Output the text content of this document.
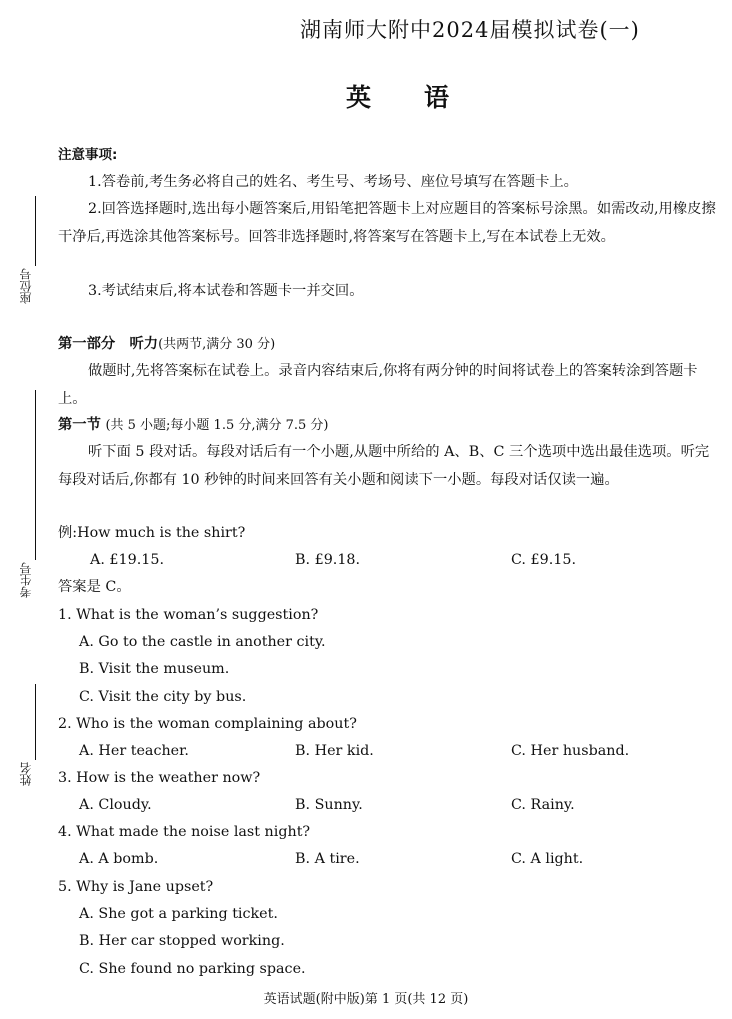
座位号
考生号
姓名
湖南师大附中2024届模拟试卷(一)
英　语
注意事项:
1.答卷前,考生务必将自己的姓名、考生号、考场号、座位号填写在答题卡上。
2.回答选择题时,选出每小题答案后,用铅笔把答题卡上对应题目的答案标号涂黑。如需改动,用橡皮擦干净后,再选涂其他答案标号。回答非选择题时,将答案写在答题卡上,写在本试卷上无效。
3.考试结束后,将本试卷和答题卡一并交回。
第一部分　听力(共两节,满分 30 分)
做题时,先将答案标在试卷上。录音内容结束后,你将有两分钟的时间将试卷上的答案转涂到答题卡上。
第一节 (共 5 小题;每小题 1.5 分,满分 7.5 分)
听下面 5 段对话。每段对话后有一个小题,从题中所给的 A、B、C 三个选项中选出最佳选项。听完每段对话后,你都有 10 秒钟的时间来回答有关小题和阅读下一小题。每段对话仅读一遍。
例:How much is the shirt?
A. £19.15.	B. £9.18.	C. £9.15.
答案是 C。
1. What is the woman’s suggestion?
A. Go to the castle in another city.
B. Visit the museum.
C. Visit the city by bus.
2. Who is the woman complaining about?
A. Her teacher.	B. Her kid.	C. Her husband.
3. How is the weather now?
A. Cloudy.	B. Sunny.	C. Rainy.
4. What made the noise last night?
A. A bomb.	B. A tire.	C. A light.
5. Why is Jane upset?
A. She got a parking ticket.
B. Her car stopped working.
C. She found no parking space.
英语试题(附中版)第 1 页(共 12 页)
